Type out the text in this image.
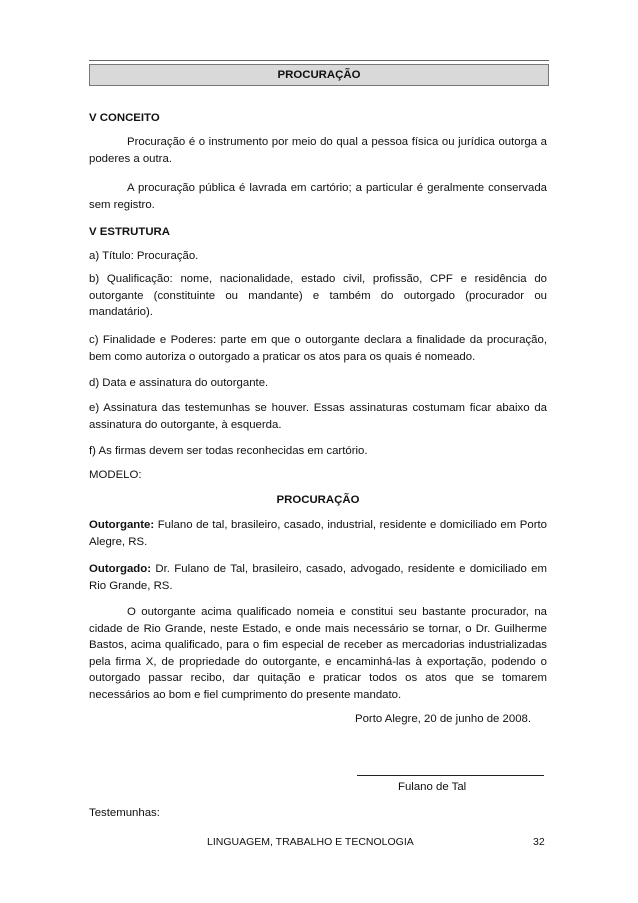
PROCURAÇÃO

V CONCEITO

Procuração é o instrumento por meio do qual a pessoa física ou jurídica outorga a poderes a outra.

A procuração pública é lavrada em cartório; a particular é geralmente conservada sem registro.

V ESTRUTURA

a) Título: Procuração.

b) Qualificação: nome, nacionalidade, estado civil, profissão, CPF e residência do outorgante (constituinte ou mandante) e também do outorgado (procurador ou mandatário).

c) Finalidade e Poderes: parte em que o outorgante declara a finalidade da procuração, bem como autoriza o outorgado a praticar os atos para os quais é nomeado.

d) Data e assinatura do outorgante.

e) Assinatura das testemunhas se houver. Essas assinaturas costumam ficar abaixo da assinatura do outorgante, à esquerda.

f) As firmas devem ser todas reconhecidas em cartório.

MODELO:

PROCURAÇÃO

Outorgante: Fulano de tal, brasileiro, casado, industrial, residente e domiciliado em Porto Alegre, RS.

Outorgado: Dr. Fulano de Tal, brasileiro, casado, advogado, residente e domiciliado em Rio Grande, RS.

O outorgante acima qualificado nomeia e constitui seu bastante procurador, na cidade de Rio Grande, neste Estado, e onde mais necessário se tornar, o Dr. Guilherme Bastos, acima qualificado, para o fim especial de receber as mercadorias industrializadas pela firma X, de propriedade do outorgante, e encaminhá-las à exportação, podendo o outorgado passar recibo, dar quitação e praticar todos os atos que se tomarem necessários ao bom e fiel cumprimento do presente mandato.

Porto Alegre, 20 de junho de 2008.
Fulano de Tal

Testemunhas:

LINGUAGEM, TRABALHO E TECNOLOGIA	32
